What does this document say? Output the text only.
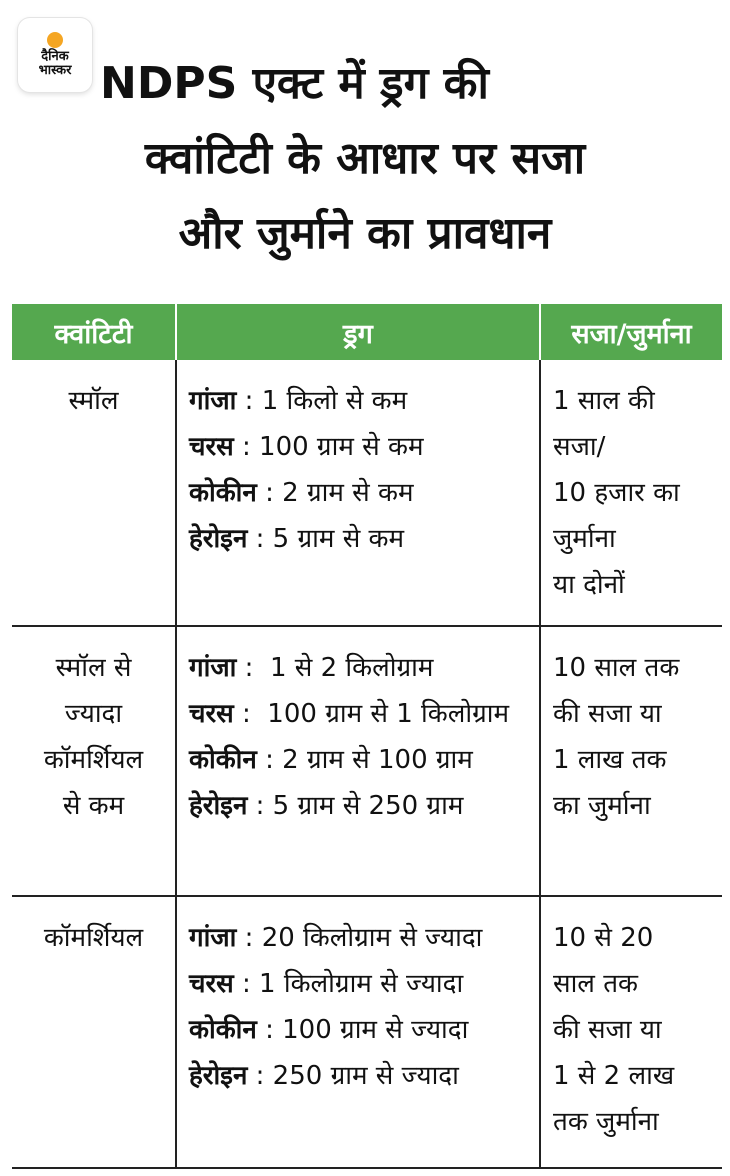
दैनिक
भास्कर NDPS एक्ट में ड्रग की
क्वांटिटी के आधार पर सजा
और जुर्माने का प्रावधान
क्वांटिटी	ड्रग	सजा/जुर्माना

स्मॉल	गांजा : 1 किलो से कम
चरस : 100 ग्राम से कम
कोकीन : 2 ग्राम से कम
हेरोइन : 5 ग्राम से कम	1 साल की
सजा/
10 हजार का
जुर्माना
या दोनों

स्मॉल से
ज्यादा
कॉमर्शियल
से कम	गांजा :  1 से 2 किलोग्राम
चरस :  100 ग्राम से 1 किलोग्राम
कोकीन : 2 ग्राम से 100 ग्राम
हेरोइन : 5 ग्राम से 250 ग्राम	10 साल तक
की सजा या
1 लाख तक
का जुर्माना

कॉमर्शियल	गांजा : 20 किलोग्राम से ज्यादा
चरस : 1 किलोग्राम से ज्यादा
कोकीन : 100 ग्राम से ज्यादा
हेरोइन : 250 ग्राम से ज्यादा	10 से 20
साल तक
की सजा या
1 से 2 लाख
तक जुर्माना
